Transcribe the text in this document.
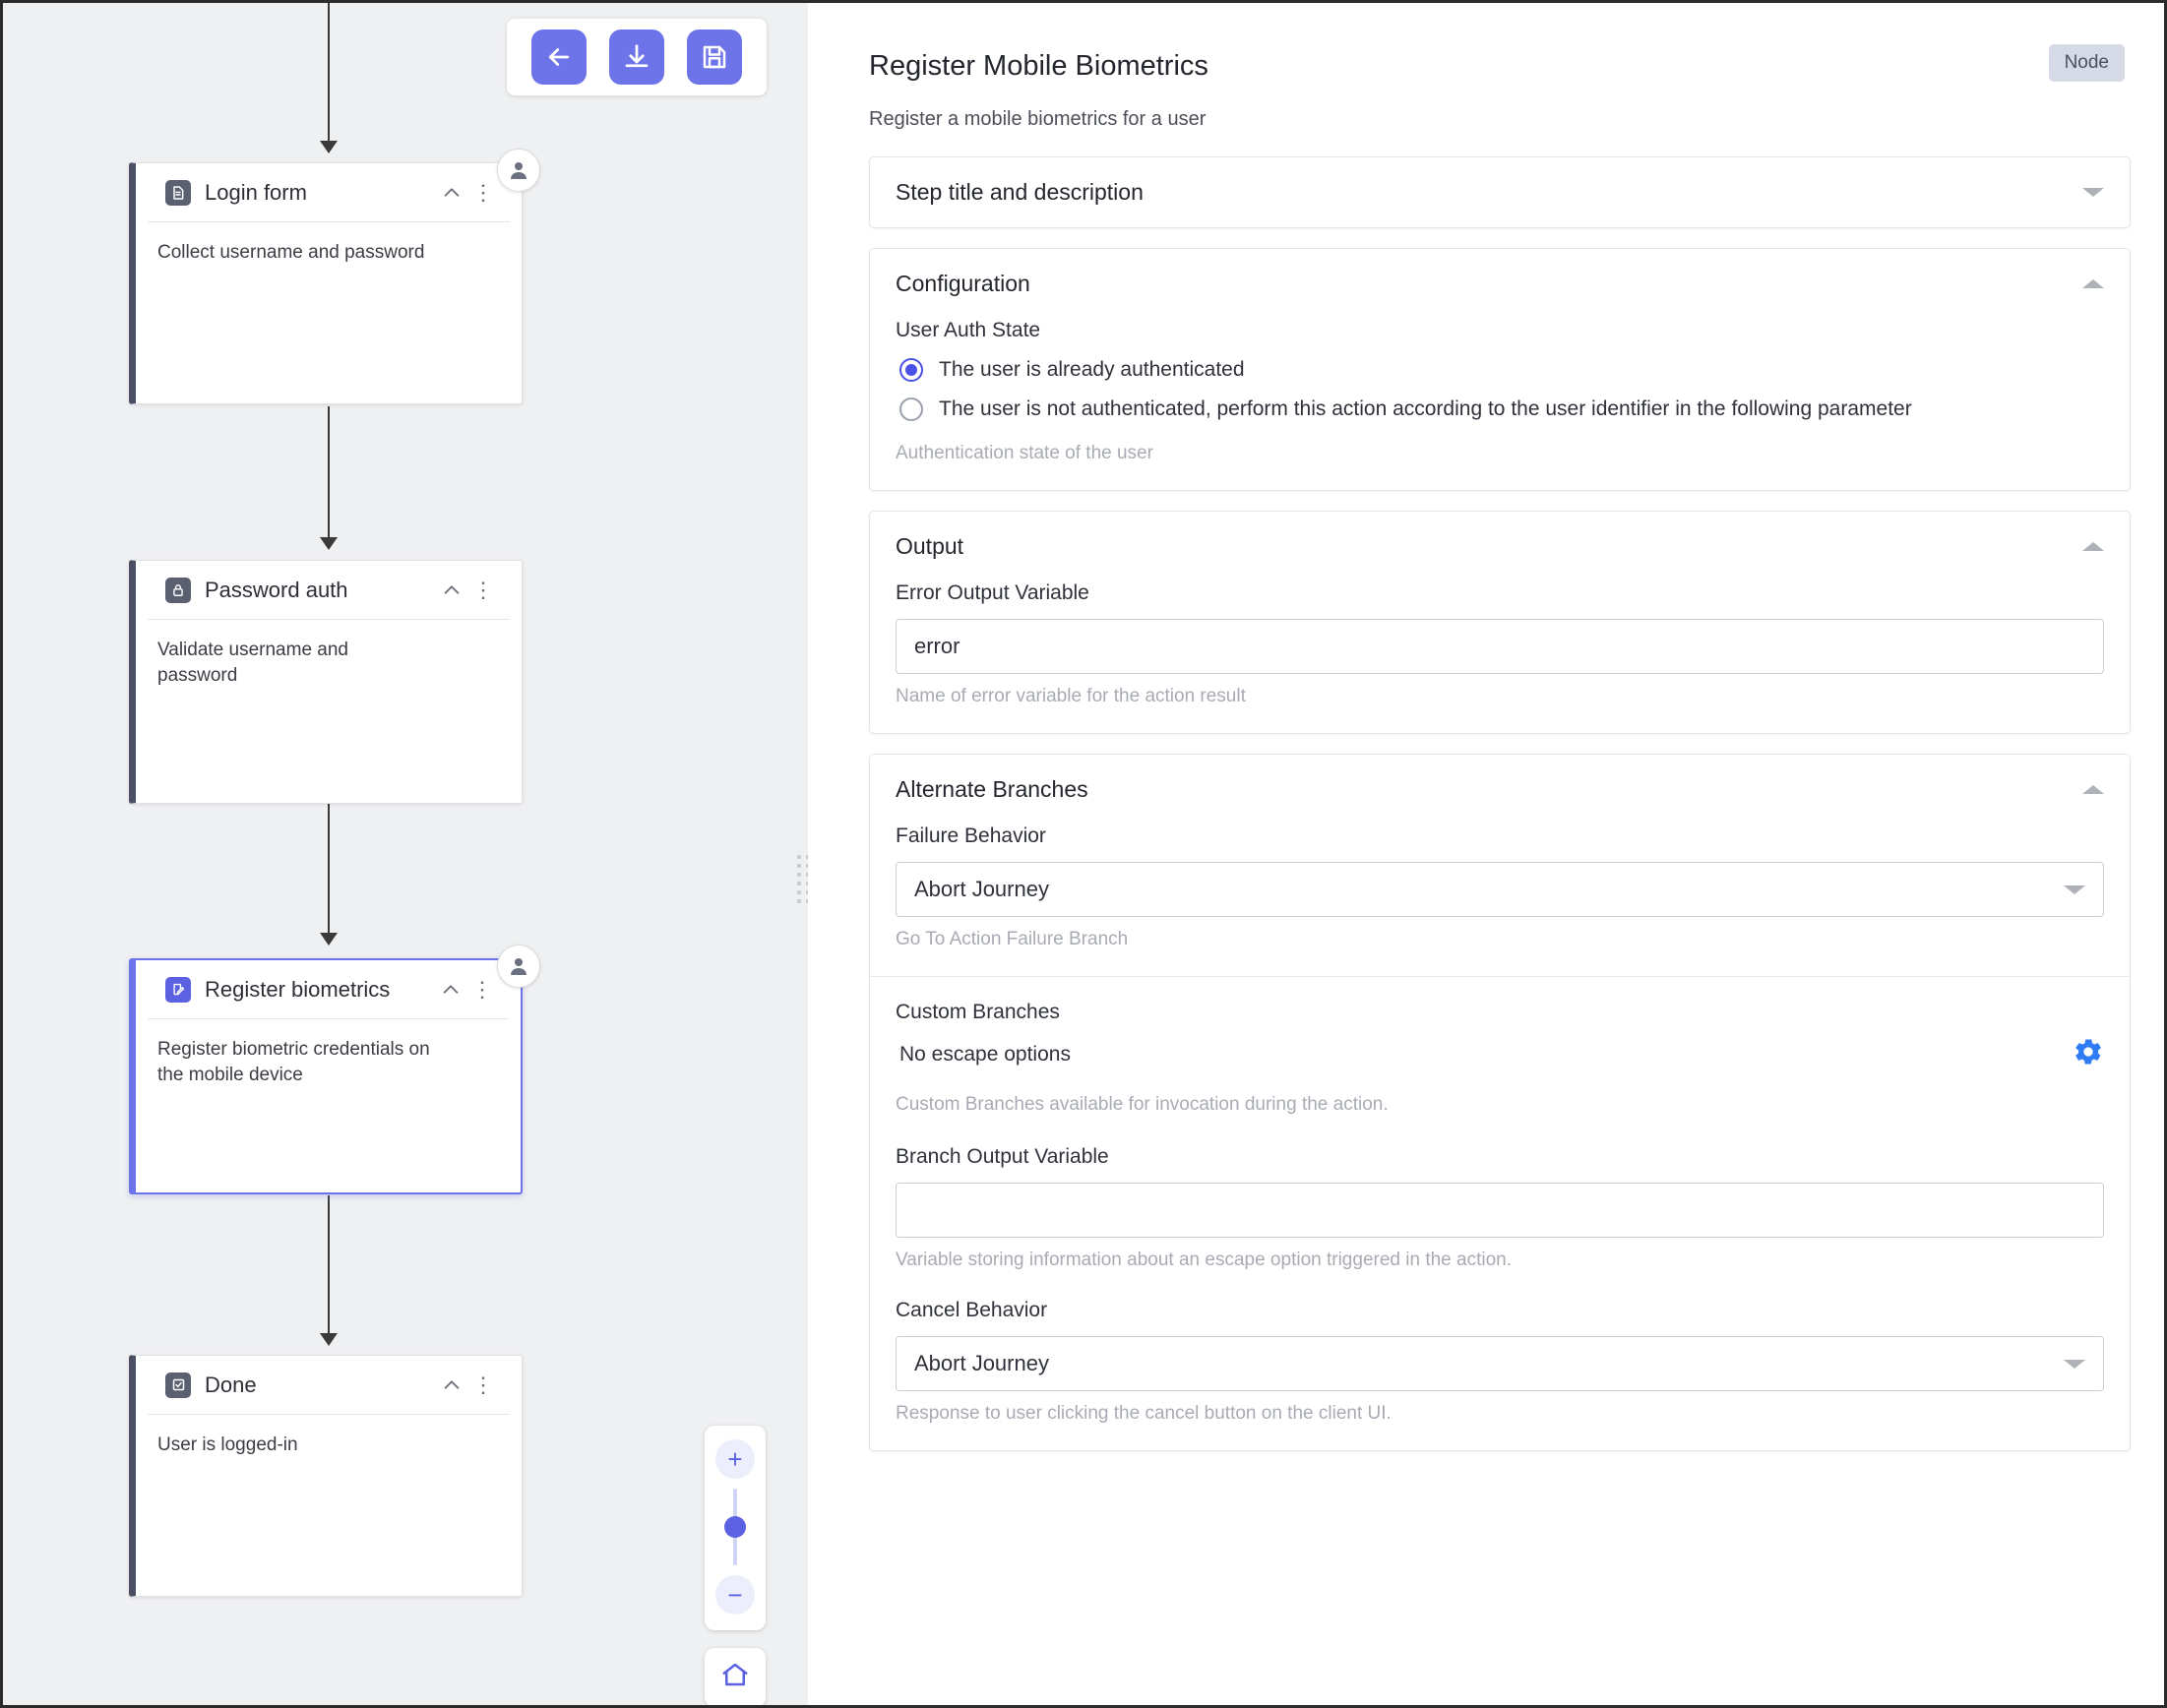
Login form	⋮
Collect username and password
Password auth	⋮
Validate username and password
Register biometrics	⋮
Register biometric credentials on the mobile device
Done	⋮
User is logged-in	+
−
Node
Register Mobile Biometrics
Register a mobile biometrics for a user
Step title and description
Configuration
User Auth State
The user is already authenticated
The user is not authenticated, perform this action according to the user identifier in the following parameter
Authentication state of the user
Output
Error Output Variable
error
Name of error variable for the action result
Alternate Branches
Failure Behavior
Abort Journey
Go To Action Failure Branch
Custom Branches
No escape options
Custom Branches available for invocation during the action.
Branch Output Variable
Variable storing information about an escape option triggered in the action.
Cancel Behavior
Abort Journey
Response to user clicking the cancel button on the client UI.
